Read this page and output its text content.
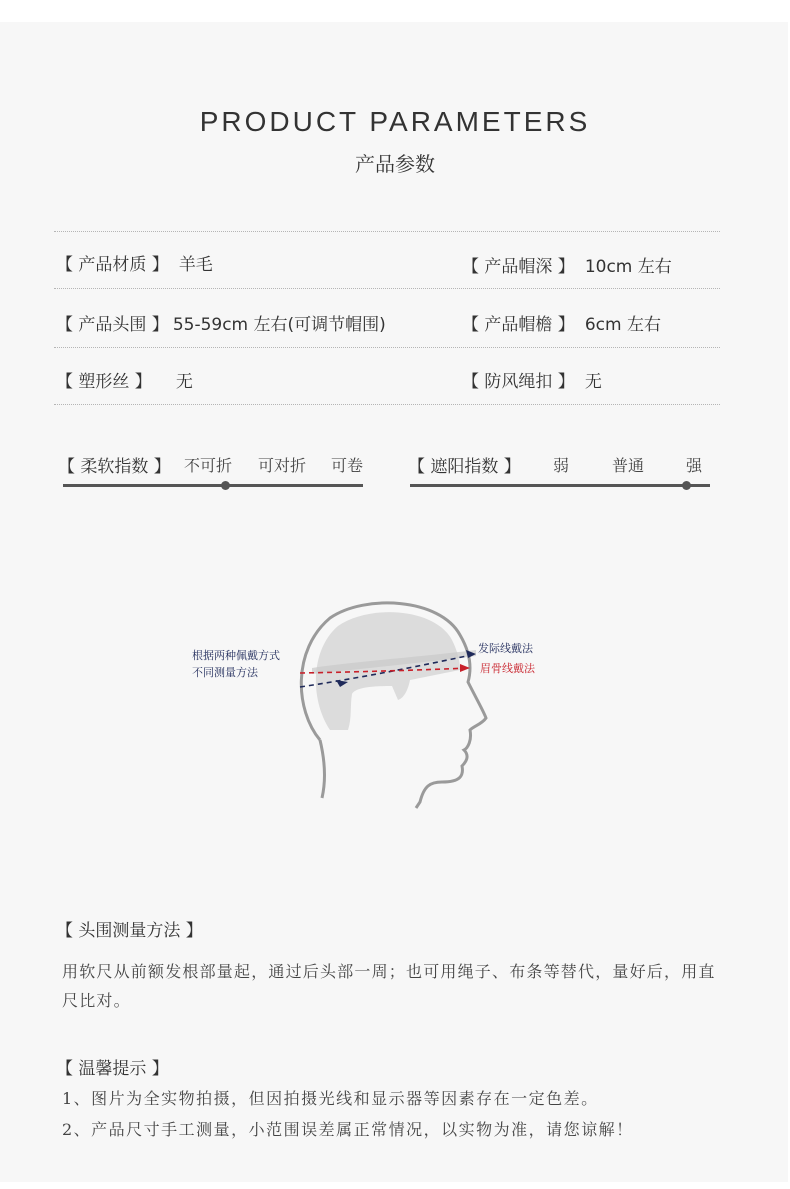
PRODUCT PARAMETERS
产品参数
【 产品材质 】 羊毛	【 产品帽深 】 10cm 左右
【 产品头围 】 55-59cm 左右(可调节帽围)	【 产品帽檐 】 6cm 左右
【 塑形丝 】 无	【 防风绳扣 】 无
【 柔软指数 】 不可折 可对折 可卷	【 遮阳指数 】 弱	普通	强
根据两种佩戴方式
不同测量方法
发际线戴法
眉骨线戴法
【 头围测量方法 】
用软尺从前额发根部量起，通过后头部一周；也可用绳子、布条等替代，量好后，用直尺比对。
【 温馨提示 】
1、图片为全实物拍摄，但因拍摄光线和显示器等因素存在一定色差。
2、产品尺寸手工测量，小范围误差属正常情况，以实物为准，请您谅解！
